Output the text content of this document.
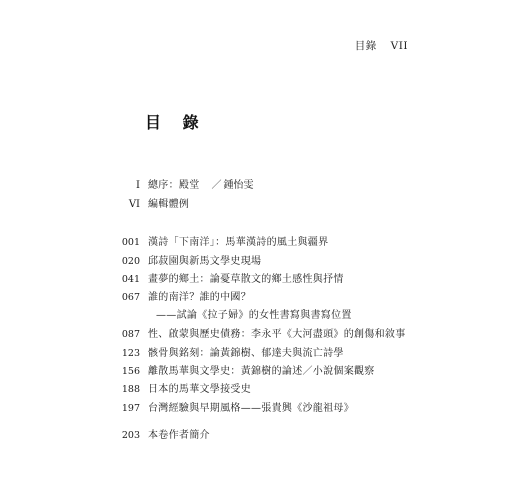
目錄 VII
目 錄
I 總序：殿堂 ／ 鍾怡雯
VI 編輯體例
001 漢詩「下南洋」：馬華漢詩的風土與疆界
020 邱菽園與新馬文學史現場
041 畫夢的鄉土：論憂草散文的鄉土感性與抒情
067 誰的南洋？誰的中國？
——試論《拉子婦》的女性書寫與書寫位置
087 性、啟蒙與歷史債務：李永平《大河盡頭》的創傷和敘事
123 骸骨與銘刻：論黃錦樹、郁達夫與流亡詩學
156 離散馬華與文學史：黃錦樹的論述／小說個案觀察
188 日本的馬華文學接受史
197 台灣經驗與早期風格——張貴興《沙龍祖母》
203 本卷作者簡介
